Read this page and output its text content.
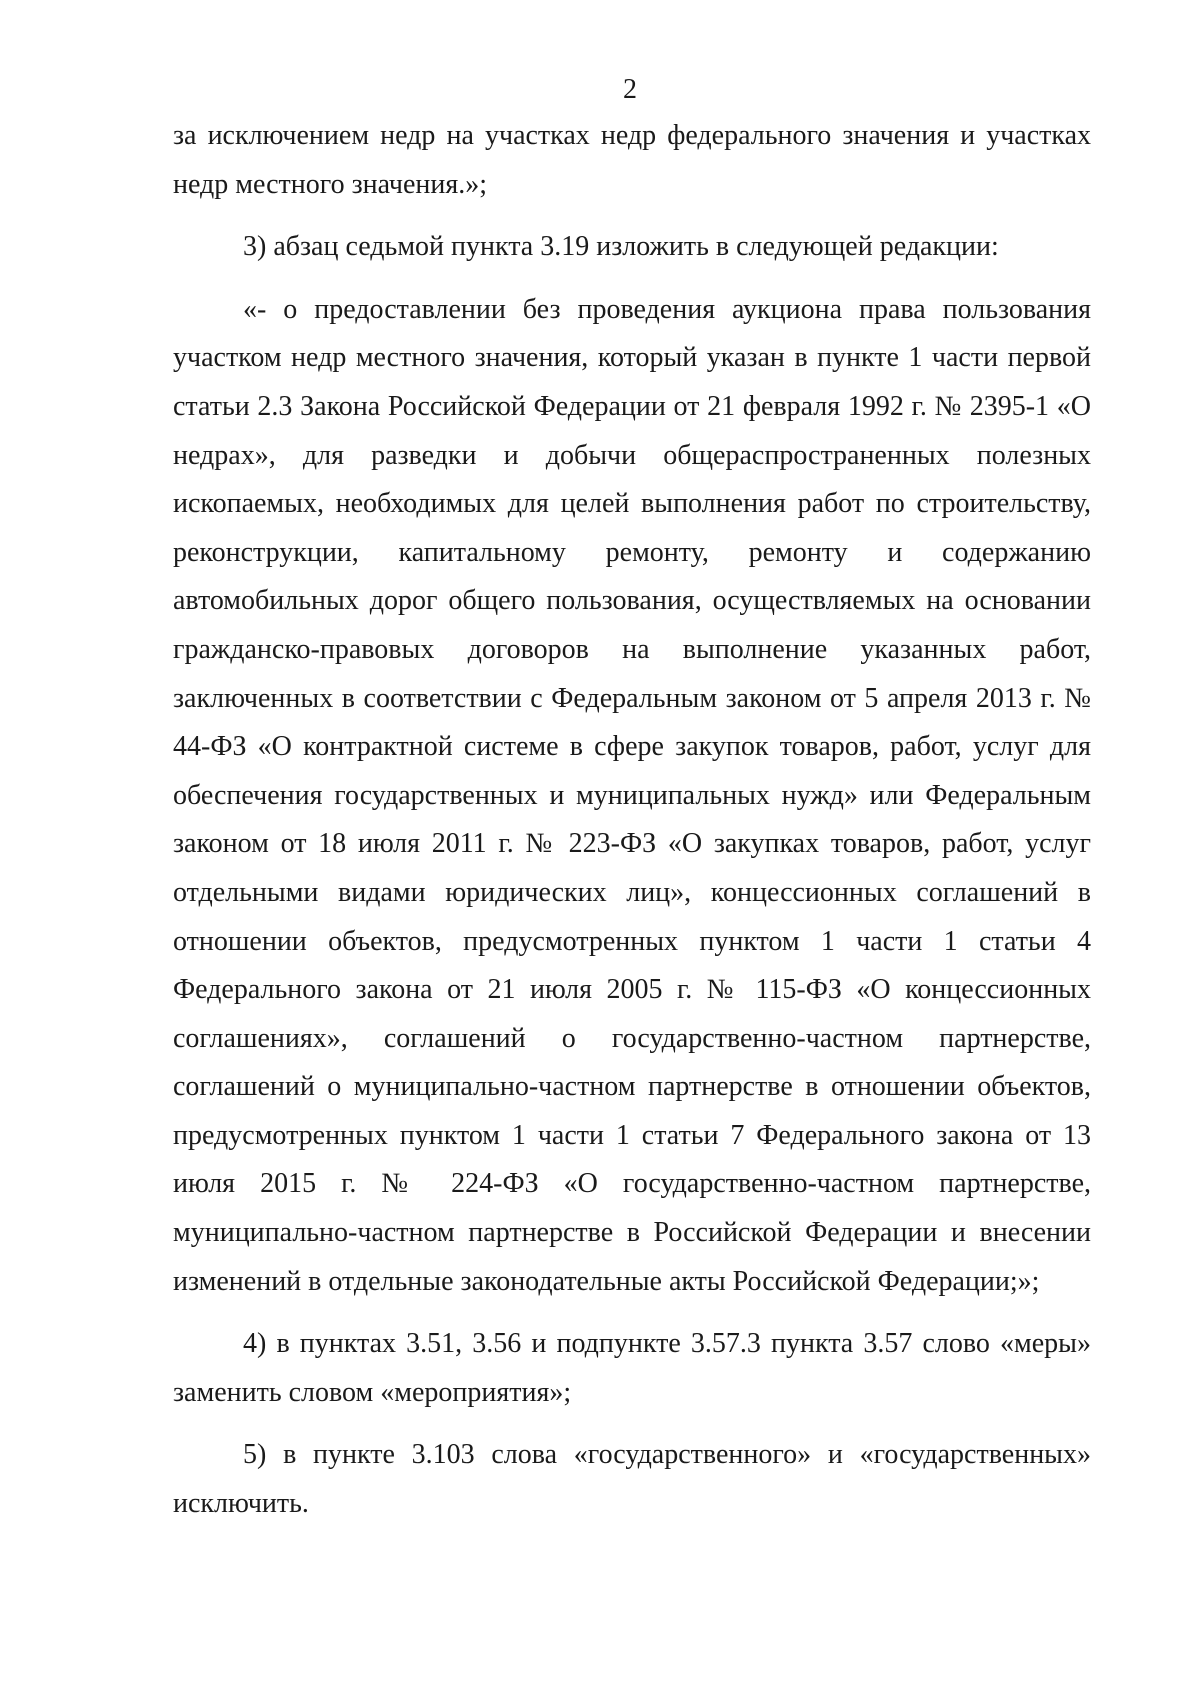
2

за исключением недр на участках недр федерального значения и участках недр местного значения.»;

3) абзац седьмой пункта 3.19 изложить в следующей редакции:

«- о предоставлении без проведения аукциона права пользования участком недр местного значения, который указан в пункте 1 части первой статьи 2.3 Закона Российской Федерации от 21 февраля 1992 г. № 2395-1 «О недрах», для разведки и добычи общераспространенных полезных ископаемых, необходимых для целей выполнения работ по строительству, реконструкции, капитальному ремонту, ремонту и содержанию автомобильных дорог общего пользования, осуществляемых на основании гражданско-правовых договоров на выполнение указанных работ, заключенных в соответствии с Федеральным законом от 5 апреля 2013 г. № 44-ФЗ «О контрактной системе в сфере закупок товаров, работ, услуг для обеспечения государственных и муниципальных нужд» или Федеральным законом от 18 июля 2011 г. № 223-ФЗ «О закупках товаров, работ, услуг отдельными видами юридических лиц», концессионных соглашений в отношении объектов, предусмотренных пунктом 1 части 1 статьи 4 Федерального закона от 21 июля 2005 г. № 115-ФЗ «О концессионных соглашениях», соглашений о государственно-частном партнерстве, соглашений о муниципально-частном партнерстве в отношении объектов, предусмотренных пунктом 1 части 1 статьи 7 Федерального закона от 13 июля 2015 г. № 224-ФЗ «О государственно-частном партнерстве, муниципально-частном партнерстве в Российской Федерации и внесении изменений в отдельные законодательные акты Российской Федерации;»;

4) в пунктах 3.51, 3.56 и подпункте 3.57.3 пункта 3.57 слово «меры» заменить словом «мероприятия»;

5) в пункте 3.103 слова «государственного» и «государственных» исключить.
